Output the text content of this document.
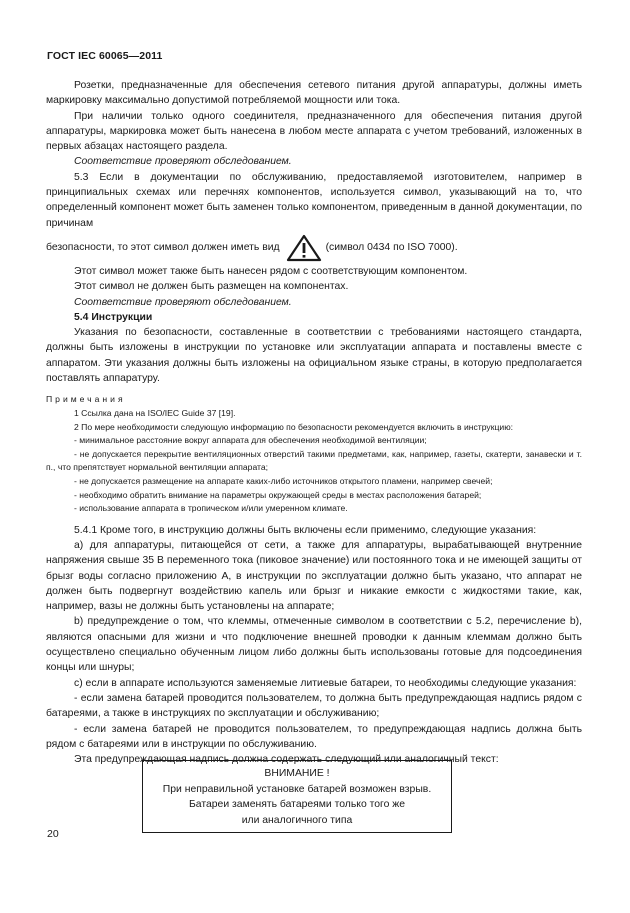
ГОСТ IEC 60065—2011

Розетки, предназначенные для обеспечения сетевого питания другой аппаратуры, должны иметь маркировку максимально допустимой потребляемой мощности или тока.

При наличии только одного соединителя, предназначенного для обеспечения питания другой аппаратуры, маркировка может быть нанесена в любом месте аппарата с учетом требований, изложенных в первых абзацах настоящего раздела.

Соответствие проверяют обследованием.

5.3 Если в документации по обслуживанию, предоставляемой изготовителем, например в принципиальных схемах или перечнях компонентов, используется символ, указывающий на то, что определенный компонент может быть заменен только компонентом, приведенным в данной документации, по причинам

безопасности, то этот символ должен иметь вид	(символ 0434 по ISO 7000).

Этот символ может также быть нанесен рядом с соответствующим компонентом.

Этот символ не должен быть размещен на компонентах.

Соответствие проверяют обследованием.

5.4 Инструкции

Указания по безопасности, составленные в соответствии с требованиями настоящего стандарта, должны быть изложены в инструкции по установке или эксплуатации аппарата и поставлены вместе с аппаратом. Эти указания должны быть изложены на официальном языке страны, в которую предполагается поставлять аппаратуру.

Примечания

1 Ссылка дана на ISO/IEC Guide 37 [19].

2 По мере необходимости следующую информацию по безопасности рекомендуется включить в инструкцию:

- минимальное расстояние вокруг аппарата для обеспечения необходимой вентиляции;

- не допускается перекрытие вентиляционных отверстий такими предметами, как, например, газеты, скатерти, занавески и т. п., что препятствует нормальной вентиляции аппарата;

- не допускается размещение на аппарате каких-либо источников открытого пламени, например свечей;

- необходимо обратить внимание на параметры окружающей среды в местах расположения батарей;

- использование аппарата в тропическом и/или умеренном климате.

5.4.1 Кроме того, в инструкцию должны быть включены если применимо, следующие указания:

a) для аппаратуры, питающейся от сети, а также для аппаратуры, вырабатывающей внутренние напряжения свыше 35 В переменного тока (пиковое значение) или постоянного тока и не имеющей защиты от брызг воды согласно приложению А, в инструкции по эксплуатации должно быть указано, что аппарат не должен быть подвергнут воздействию капель или брызг и никакие емкости с жидкостями такие, как, например, вазы не должны быть установлены на аппарате;

b) предупреждение о том, что клеммы, отмеченные символом в соответствии с 5.2, перечисление b), являются опасными для жизни и что подключение внешней проводки к данным клеммам должно быть осуществлено специально обученным лицом либо должны быть использованы готовые для подсоединения концы или шнуры;

c) если в аппарате используются заменяемые литиевые батареи, то необходимы следующие указания:

- если замена батарей проводится пользователем, то должна быть предупреждающая надпись рядом с батареями, а также в инструкциях по эксплуатации и обслуживанию;

- если замена батарей не проводится пользователем, то предупреждающая надпись должна быть рядом с батареями или в инструкции по обслуживанию.

Эта предупреждающая надпись должна содержать следующий или аналогичный текст:

ВНИМАНИЕ !
При неправильной установке батарей возможен взрыв.
Батареи заменять батареями только того же
или аналогичного типа
20
